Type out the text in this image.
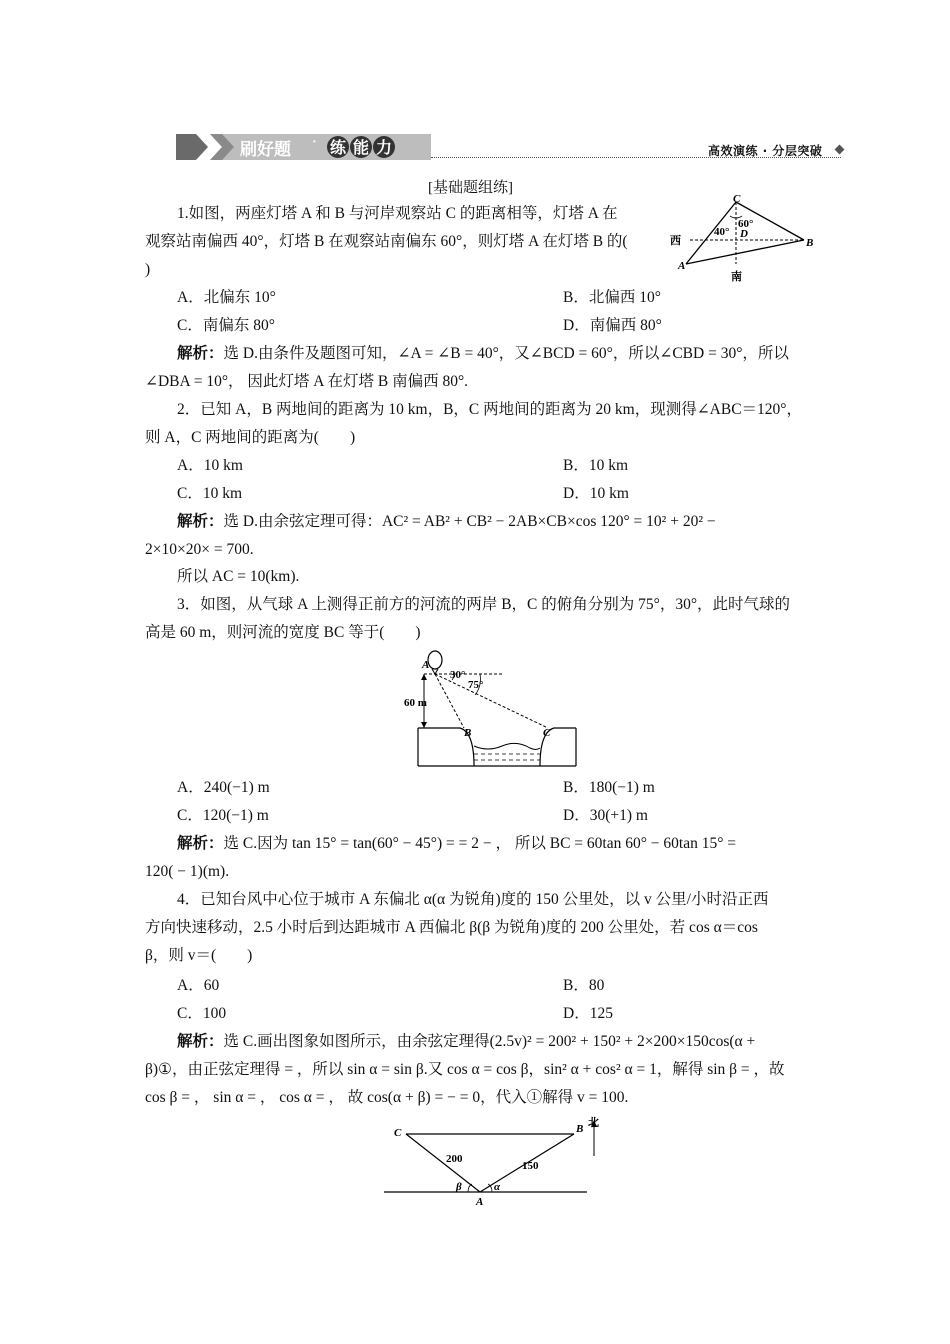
刷好题 · 练 能 力	高效演练 · 分层突破
[基础题组练]
1.如图，两座灯塔 A 和 B 与河岸观察站 C 的距离相等，灯塔 A 在
观察站南偏西 40°，灯塔 B 在观察站南偏东 60°，则灯塔 A 在灯塔 B 的(
)
C
A
B
D
西
南
40°
60°
A．北偏东 10°	B．北偏西 10°
C．南偏东 80°	D．南偏西 80°
解析：选 D.由条件及题图可知，∠A = ∠B = 40°，又∠BCD = 60°，所以∠CBD = 30°，所以
∠DBA = 10°， 因此灯塔 A 在灯塔 B 南偏西 80°.
2．已知 A，B 两地间的距离为 10 km，B，C 两地间的距离为 20 km，现测得∠ABC＝120°，
则 A，C 两地间的距离为(　　)
A．10 km	B．10 km
C．10 km	D．10 km
解析：选 D.由余弦定理可得：AC² = AB² + CB² − 2AB×CB×cos 120° = 10² + 20² −
2×10×20× = 700.
所以 AC = 10(km).
3．如图，从气球 A 上测得正前方的河流的两岸 B，C 的俯角分别为 75°，30°，此时气球的
高是 60 m，则河流的宽度 BC 等于(　　)
A
B	C
60 m
30°
75°
A．240(−1) m	B．180(−1) m
C．120(−1) m	D．30(+1) m
解析：选 C.因为 tan 15° = tan(60° − 45°) = = 2 − ， 所以 BC = 60tan 60° − 60tan 15° =
120( − 1)(m).
4．已知台风中心位于城市 A 东偏北 α(α 为锐角)度的 150 公里处，以 v 公里/小时沿正西
方向快速移动，2.5 小时后到达距城市 A 西偏北 β(β 为锐角)度的 200 公里处，若 cos α＝cos
β，则 v＝(　　)
A．60	B．80
C．100	D．125
解析：选 C.画出图象如图所示，由余弦定理得(2.5v)² = 200² + 150² + 2×200×150cos(α +
β)①，由正弦定理得 = ，所以 sin α = sin β.又 cos α = cos β，sin² α + cos² α = 1，解得 sin β = ，故
cos β = ， sin α = ， cos α = ， 故 cos(α + β) = − = 0，代入①解得 v = 100.
C	B
A
北
200
150
α
β
